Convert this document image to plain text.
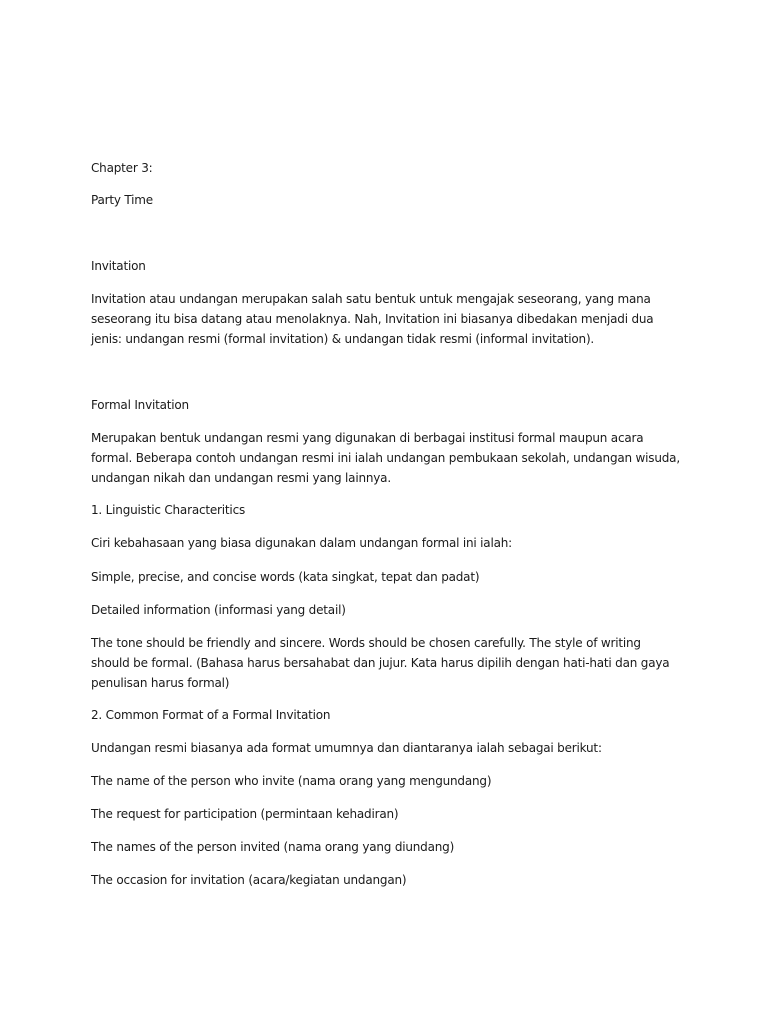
Chapter 3:

Party Time

Invitation

Invitation atau undangan merupakan salah satu bentuk untuk mengajak seseorang, yang mana seseorang itu bisa datang atau menolaknya. Nah, Invitation ini biasanya dibedakan menjadi dua jenis: undangan resmi (formal invitation) & undangan tidak resmi (informal invitation).

Formal Invitation

Merupakan bentuk undangan resmi yang digunakan di berbagai institusi formal maupun acara formal. Beberapa contoh undangan resmi ini ialah undangan pembukaan sekolah, undangan wisuda, undangan nikah dan undangan resmi yang lainnya.

1. Linguistic Characteritics

Ciri kebahasaan yang biasa digunakan dalam undangan formal ini ialah:

Simple, precise, and concise words (kata singkat, tepat dan padat)

Detailed information (informasi yang detail)

The tone should be friendly and sincere. Words should be chosen carefully. The style of writing should be formal. (Bahasa harus bersahabat dan jujur. Kata harus dipilih dengan hati-hati dan gaya penulisan harus formal)

2. Common Format of a Formal Invitation

Undangan resmi biasanya ada format umumnya dan diantaranya ialah sebagai berikut:

The name of the person who invite (nama orang yang mengundang)

The request for participation (permintaan kehadiran)

The names of the person invited (nama orang yang diundang)

The occasion for invitation (acara/kegiatan undangan)
